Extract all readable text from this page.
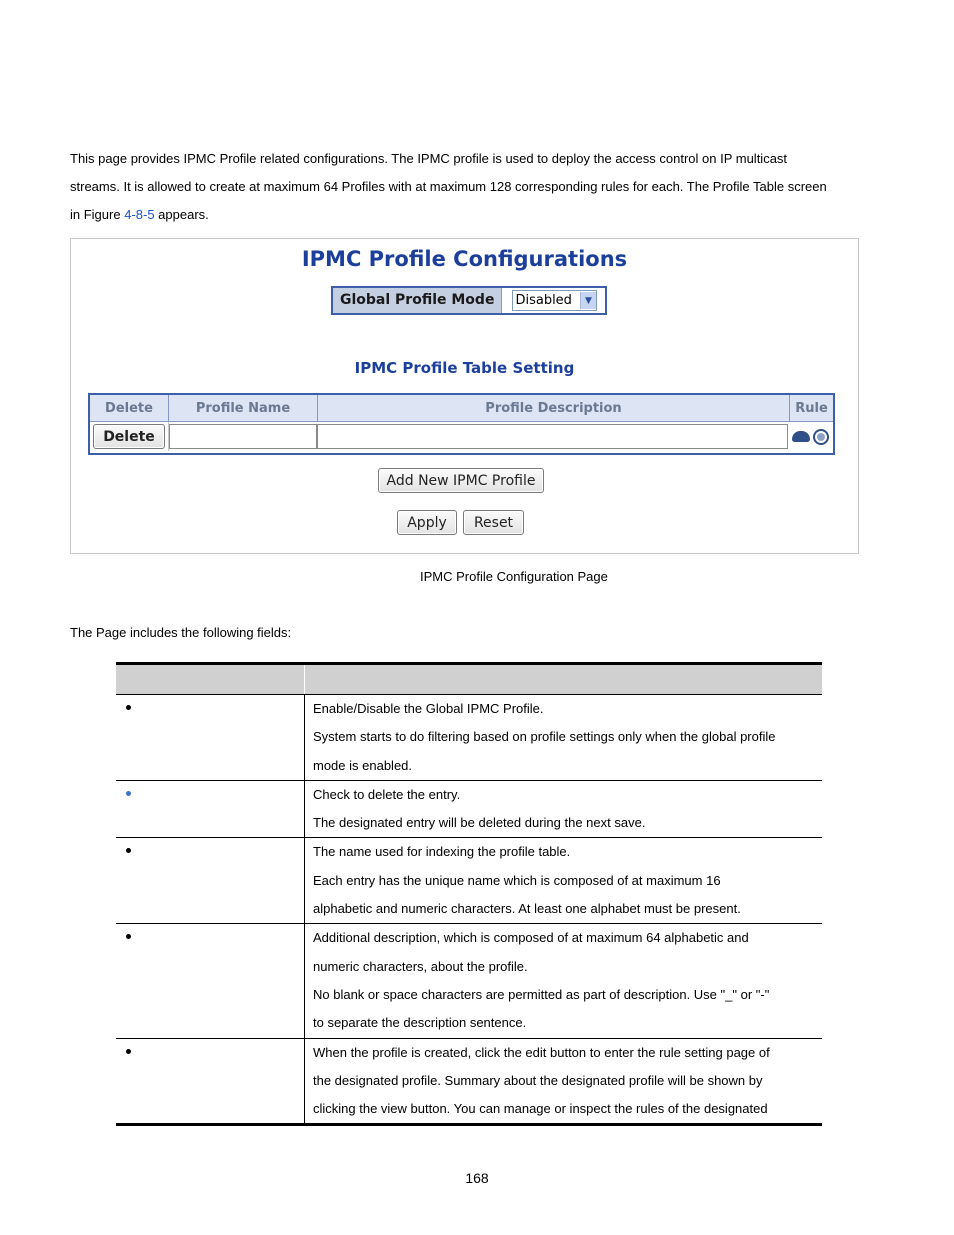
This page provides IPMC Profile related configurations. The IPMC profile is used to deploy the access control on IP multicast
streams. It is allowed to create at maximum 64 Profiles with at maximum 128 corresponding rules for each. The Profile Table screen
in Figure 4-8-5 appears.
IPMC Profile Configurations
Global Profile Mode	Disabled	▼
IPMC Profile Table Setting
Delete	Profile Name	Profile Description	Rule
Delete
Add New IPMC Profile
Apply	Reset
IPMC Profile Configuration Page
The Page includes the following fields:
Enable/Disable the Global IPMC Profile.
System starts to do filtering based on profile settings only when the global profile
mode is enabled.
Check to delete the entry.
The designated entry will be deleted during the next save.
The name used for indexing the profile table.
Each entry has the unique name which is composed of at maximum 16
alphabetic and numeric characters. At least one alphabet must be present.
Additional description, which is composed of at maximum 64 alphabetic and
numeric characters, about the profile.
No blank or space characters are permitted as part of description. Use "_" or "-"
to separate the description sentence.
When the profile is created, click the edit button to enter the rule setting page of
the designated profile. Summary about the designated profile will be shown by
clicking the view button. You can manage or inspect the rules of the designated
168
